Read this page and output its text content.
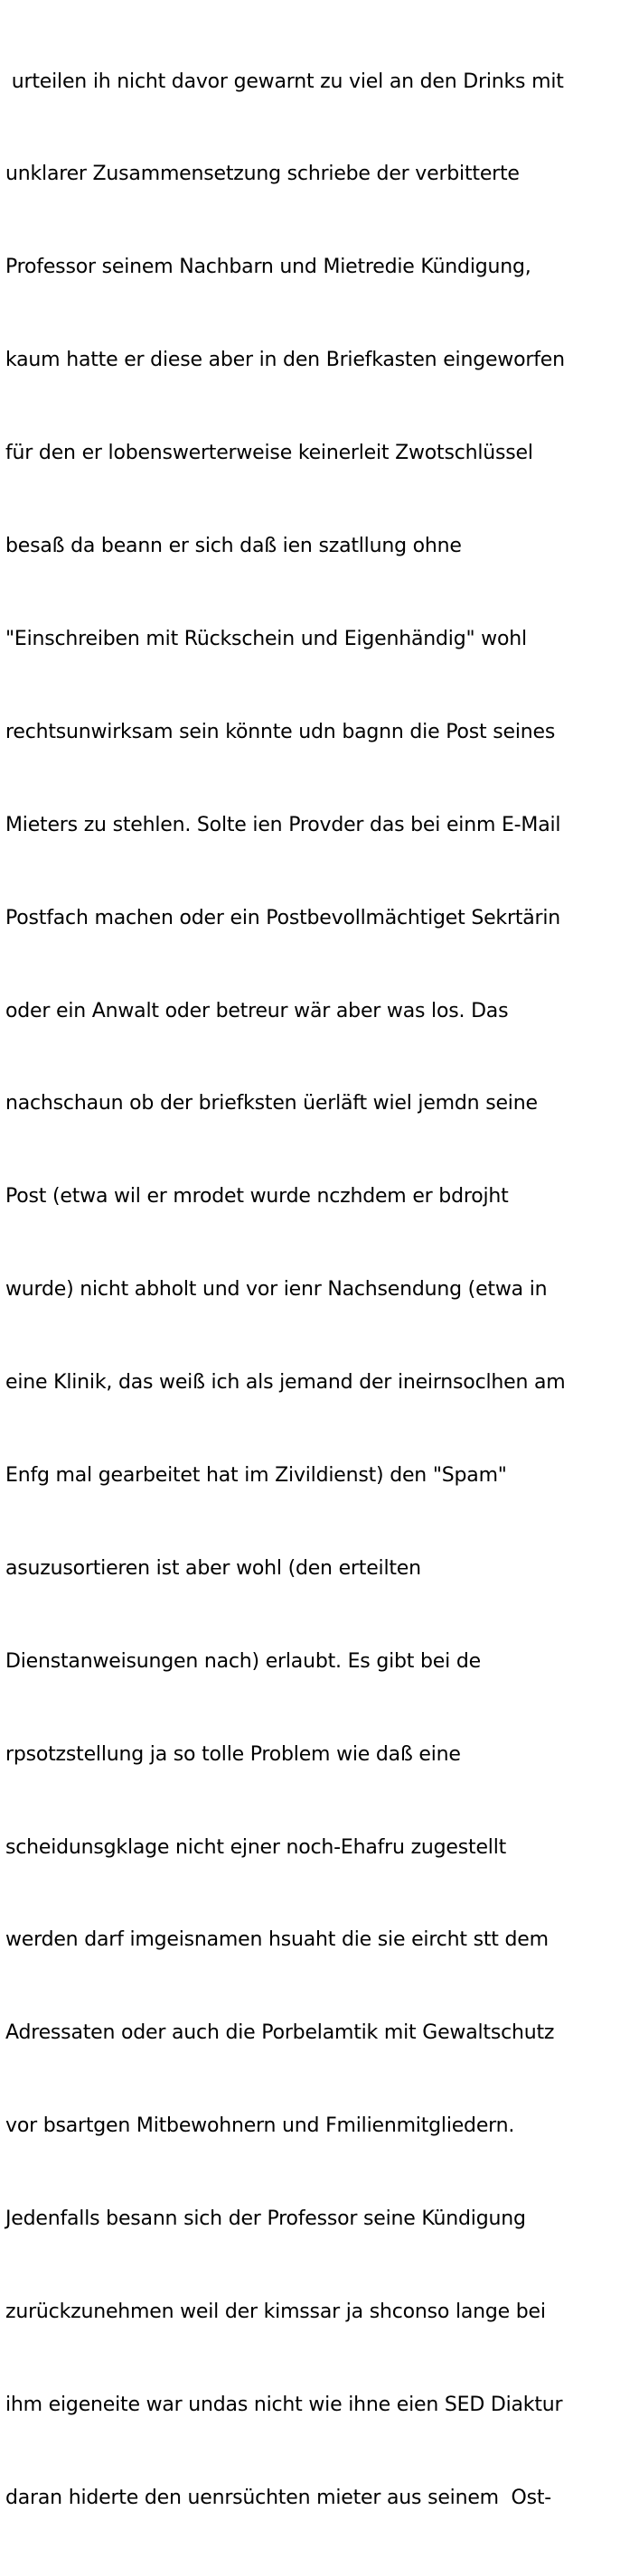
urteilen ih nicht davor gewarnt zu viel an den Drinks mit

unklarer Zusammensetzung schriebe der verbitterte

Professor seinem Nachbarn und Mietredie Kündigung,

kaum hatte er diese aber in den Briefkasten eingeworfen

für den er lobenswerterweise keinerleit Zwotschlüssel

besaß da beann er sich daß ien szatllung ohne

"Einschreiben mit Rückschein und Eigenhändig" wohl

rechtsunwirksam sein könnte udn bagnn die Post seines

Mieters zu stehlen. Solte ien Provder das bei einm E-Mail

Postfach machen oder ein Postbevollmächtiget Sekrtärin

oder ein Anwalt oder betreur wär aber was los. Das

nachschaun ob der briefksten üerläft wiel jemdn seine

Post (etwa wil er mrodet wurde nczhdem er bdrojht

wurde) nicht abholt und vor ienr Nachsendung (etwa in

eine Klinik, das weiß ich als jemand der ineirnsoclhen am

Enfg mal gearbeitet hat im Zivildienst) den "Spam"

asuzusortieren ist aber wohl (den erteilten

Dienstanweisungen nach) erlaubt. Es gibt bei de

rpsotzstellung ja so tolle Problem wie daß eine

scheidunsgklage nicht ejner noch-Ehafru zugestellt

werden darf imgeisnamen hsuaht die sie eircht stt dem

Adressaten oder auch die Porbelamtik mit Gewaltschutz

vor bsartgen Mitbewohnern und Fmilienmitgliedern.

Jedenfalls besann sich der Professor seine Kündigung

zurückzunehmen weil der kimssar ja shconso lange bei

ihm eigeneite war undas nicht wie ihne eien SED Diaktur

daran hiderte den uenrsüchten mieter aus seinem  Ost-
